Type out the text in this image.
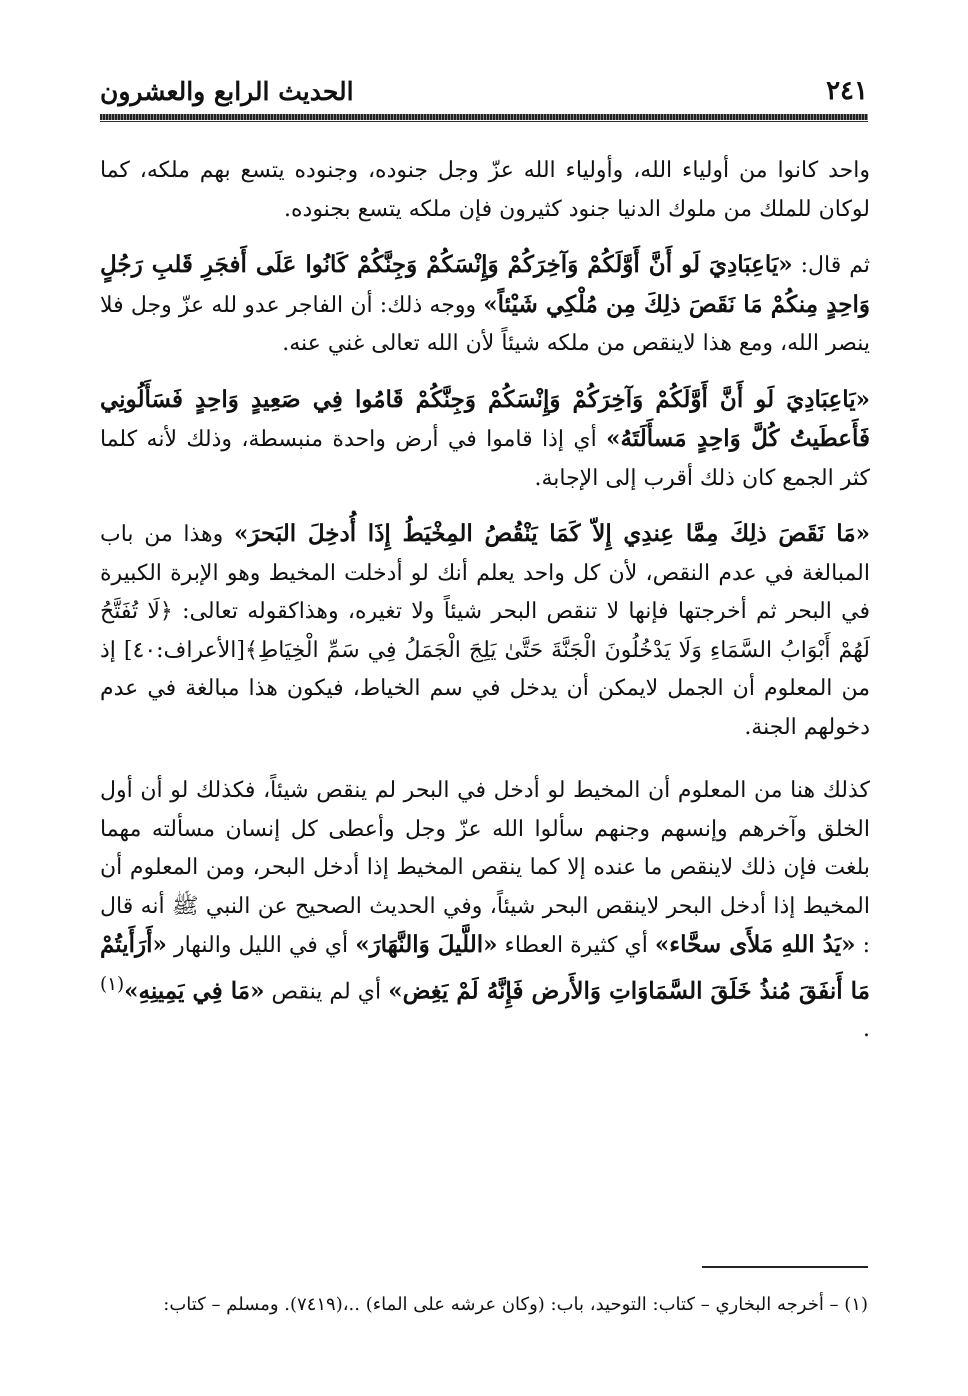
٢٤١
الحديث الرابع والعشرون

واحد كانوا من أولياء الله، وأولياء الله عزّ وجل جنوده، وجنوده يتسع بهم ملكه، كما لوكان للملك من ملوك الدنيا جنود كثيرون فإن ملكه يتسع بجنوده.

ثم قال: «يَاعِبَادِيَ لَو أَنَّ أَوَّلَكُمْ وَآخِرَكُمْ وَإِنْسَكُمْ وَجِنَّكُمْ كَانُوا عَلَى أَفجَرِ قَلبِ رَجُلٍ وَاحِدٍ مِنكُمْ مَا نَقَصَ ذلِكَ مِن مُلْكِي شَيْئاً» ووجه ذلك: أن الفاجر عدو لله عزّ وجل فلا ينصر الله، ومع هذا لاينقص من ملكه شيئاً لأن الله تعالى غني عنه.

«يَاعِبَادِيَ لَو أَنَّ أَوَّلَكُمْ وَآخِرَكُمْ وَإِنْسَكُمْ وَجِنَّكُمْ قَامُوا فِي صَعِيدٍ وَاحِدٍ فَسَأَلُونِي فَأَعطَيتُ كُلَّ وَاحِدٍ مَسأَلَتَهُ» أي إذا قاموا في أرض واحدة منبسطة، وذلك لأنه كلما كثر الجمع كان ذلك أقرب إلى الإجابة.

«مَا نَقَصَ ذلِكَ مِمَّا عِندِي إِلاّ كَمَا يَنْقُصُ المِخْيَطُ إِذَا أُدخِلَ البَحرَ» وهذا من باب المبالغة في عدم النقص، لأن كل واحد يعلم أنك لو أدخلت المخيط وهو الإبرة الكبيرة في البحر ثم أخرجتها فإنها لا تنقص البحر شيئاً ولا تغيره، وهذاكقوله تعالى: ﴿لَا تُفَتَّحُ لَهُمْ أَبْوَابُ السَّمَاءِ وَلَا يَدْخُلُونَ الْجَنَّةَ حَتَّىٰ يَلِجَ الْجَمَلُ فِي سَمِّ الْخِيَاطِ﴾[الأعراف:٤٠] إذ من المعلوم أن الجمل لايمكن أن يدخل في سم الخياط، فيكون هذا مبالغة في عدم دخولهم الجنة.

كذلك هنا من المعلوم أن المخيط لو أدخل في البحر لم ينقص شيئاً، فكذلك لو أن أول الخلق وآخرهم وإنسهم وجنهم سألوا الله عزّ وجل وأعطى كل إنسان مسألته مهما بلغت فإن ذلك لاينقص ما عنده إلا كما ينقص المخيط إذا أدخل البحر، ومن المعلوم أن المخيط إذا أدخل البحر لاينقص البحر شيئاً، وفي الحديث الصحيح عن النبي ﷺ أنه قال : «يَدُ اللهِ مَلأَى سحَّاء» أي كثيرة العطاء «اللَّيلَ وَالنَّهَارَ» أي في الليل والنهار «أَرَأَيتُمْ مَا أَنفَقَ مُنذُ خَلَقَ السَّمَاوَاتِ وَالأَرض فَإِنَّهُ لَمْ يَغِض» أي لم ينقص «مَا فِي يَمِينِهِ»$^{(١)}$ .

(١) – أخرجه البخاري – كتاب: التوحيد، باب: (وكان عرشه على الماء) ..،(٧٤١٩). ومسلم – كتاب:
